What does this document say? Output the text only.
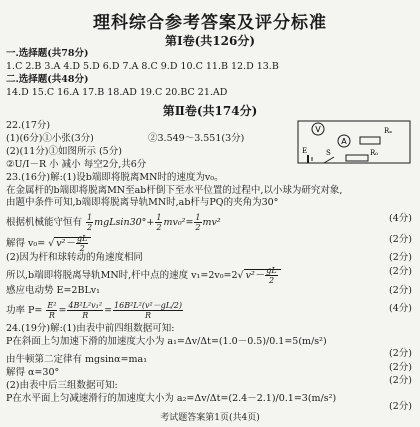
理科综合参考答案及评分标准
第Ⅰ卷(共126分)
一.选择题(共78分)
1.C 2.B 3.A 4.D 5.D 6.D 7.A 8.C 9.D 10.C 11.B 12.D 13.B
二.选择题(共48分)
14.D 15.C 16.A 17.B 18.AD 19.C 20.BC 21.AD
第Ⅱ卷(共174分)
22.(17分)
(1)(6分)①小张(3分)	②3.549～3.551(3分)
(2)(11分)①如图所示 (5分)
②U/I－R 小 减小 每空2分,共6分
V
A
Rₓ
R₀
E	S
23.(16分)解:(1)设b端即将脱离MN时的速度为v₀。
在金属杆的b端即将脱离MN至ab杆倒下至水平位置的过程中,以小球为研究对象,
由题中条件可知,b端即将脱离导轨MN时,ab杆与PQ的夹角为30°
根据机械能守恒有 $\frac{1}{2} mgLsin30^\circ+ \frac{1}{2} mv_0^2= \frac{1}{2} mv^2$	(4分)
解得 v₀= √ $v^2- \frac{gL}{2}$	(2分)
(2)因为杆和球转动的角速度相同	(2分)
所以,b端即将脱离导轨MN时,杆中点的速度 v₁=2v₀=2√ $v^2- \frac{gL}{2}$	(2分)
感应电动势 E=2BLv₁	(2分)
功率 $P= \frac{\text{E²}}{R} = \frac{\text{4B²L²v₁²}}{R} = \frac{\text{16B²L²(v²－gL/2)}}{R}$	(4分)
24.(19分)解:(1)由表中前四组数据可知:
P在斜面上匀加速下滑的加速度大小为 a₁=Δv/Δt=(1.0－0.5)/0.1=5(m/s²)
(2分)
由牛顿第二定律有 mgsinα=ma₁
(2分)
解得 α=30°
(2分)
(2)由表中后三组数据可知:
P在水平面上匀减速滑行的加速度大小为 a₂=Δv/Δt=(2.4－2.1)/0.1=3(m/s²)
(2分)
考试题答案第1页(共4页)
